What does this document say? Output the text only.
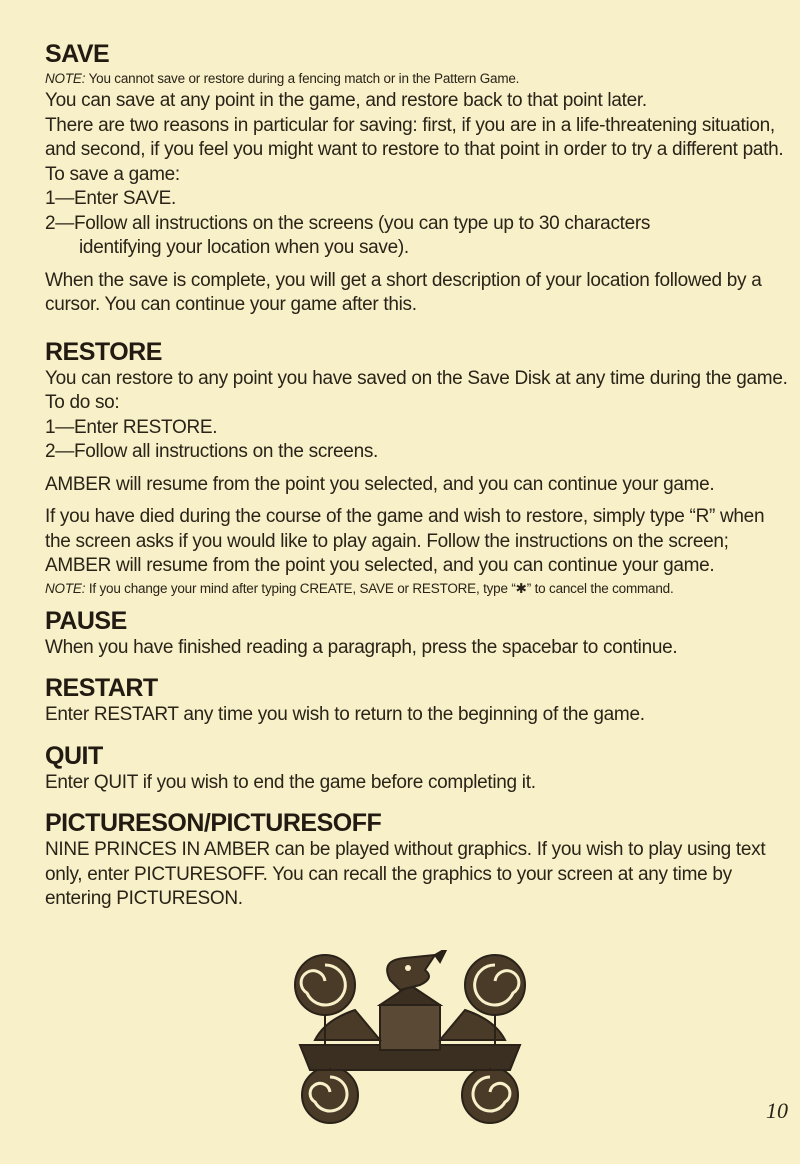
SAVE
NOTE: You cannot save or restore during a fencing match or in the Pattern Game.

You can save at any point in the game, and restore back to that point later.

There are two reasons in particular for saving: first, if you are in a life-threatening situation, and second, if you feel you might want to restore to that point in order to try a different path. To save a game:

1—Enter SAVE.

2—Follow all instructions on the screens (you can type up to 30 characters

identifying your location when you save).

When the save is complete, you will get a short description of your location followed by a cursor. You can continue your game after this.

RESTORE

You can restore to any point you have saved on the Save Disk at any time during the game. To do so:

1—Enter RESTORE.

2—Follow all instructions on the screens.

AMBER will resume from the point you selected, and you can continue your game.

If you have died during the course of the game and wish to restore, simply type “R” when the screen asks if you would like to play again. Follow the instructions on the screen; AMBER will resume from the point you selected, and you can continue your game.

NOTE: If you change your mind after typing CREATE, SAVE or RESTORE, type “✱” to cancel the command.
PAUSE

When you have finished reading a paragraph, press the spacebar to continue.

RESTART

Enter RESTART any time you wish to return to the beginning of the game.

QUIT

Enter QUIT if you wish to end the game before completing it.

PICTURESON/PICTURESOFF

NINE PRINCES IN AMBER can be played without graphics. If you wish to play using text only, enter PICTURESOFF. You can recall the graphics to your screen at any time by entering PICTURESON.

10
